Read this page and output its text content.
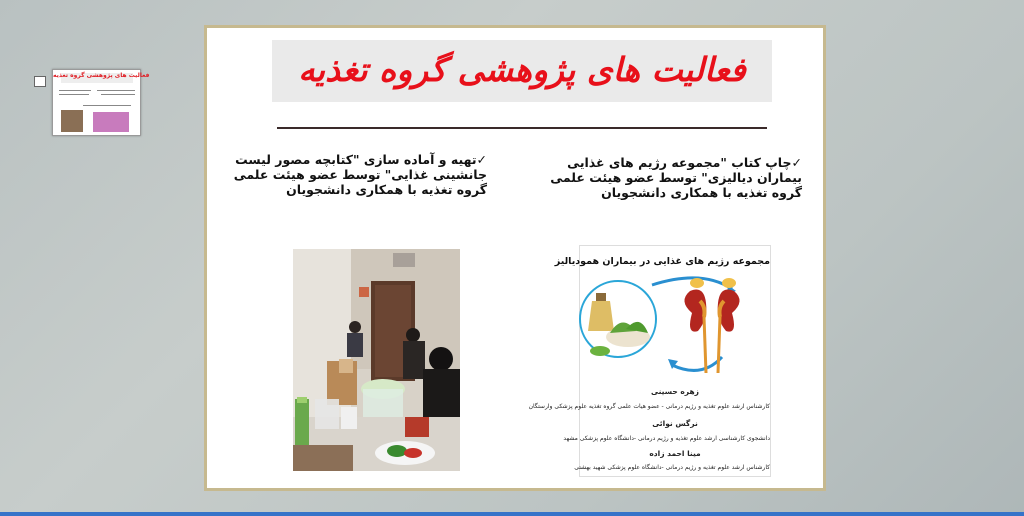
فعالیت های پژوهشی گروه تغذیه	فعالیت های پژوهشی گروه تغذیه
✓تهیه و آماده سازی "کتابچه مصور لیست
جانشینی غذایی" توسط عضو هیئت علمی
گروه تغذیه با همکاری دانشجویان
✓چاپ کتاب "مجموعه رژیم های غذایی
بیماران دیالیزی" توسط عضو هیئت علمی
گروه تغذیه با همکاری دانشجویان
مجموعه رژیم های غذایی در بیماران همودیالیز
زهره حسینی
کارشناس ارشد علوم تغذیه و رژیم درمانی - عضو هیات علمی گروه تغذیه علوم پزشکی وارستگان
نرگس نوائی
دانشجوی کارشناسی ارشد علوم تغذیه و رژیم درمانی -دانشگاه علوم پزشکی مشهد
مینا احمد زاده
کارشناس ارشد علوم تغذیه و رژیم درمانی -دانشگاه علوم پزشکی شهید بهشتی
